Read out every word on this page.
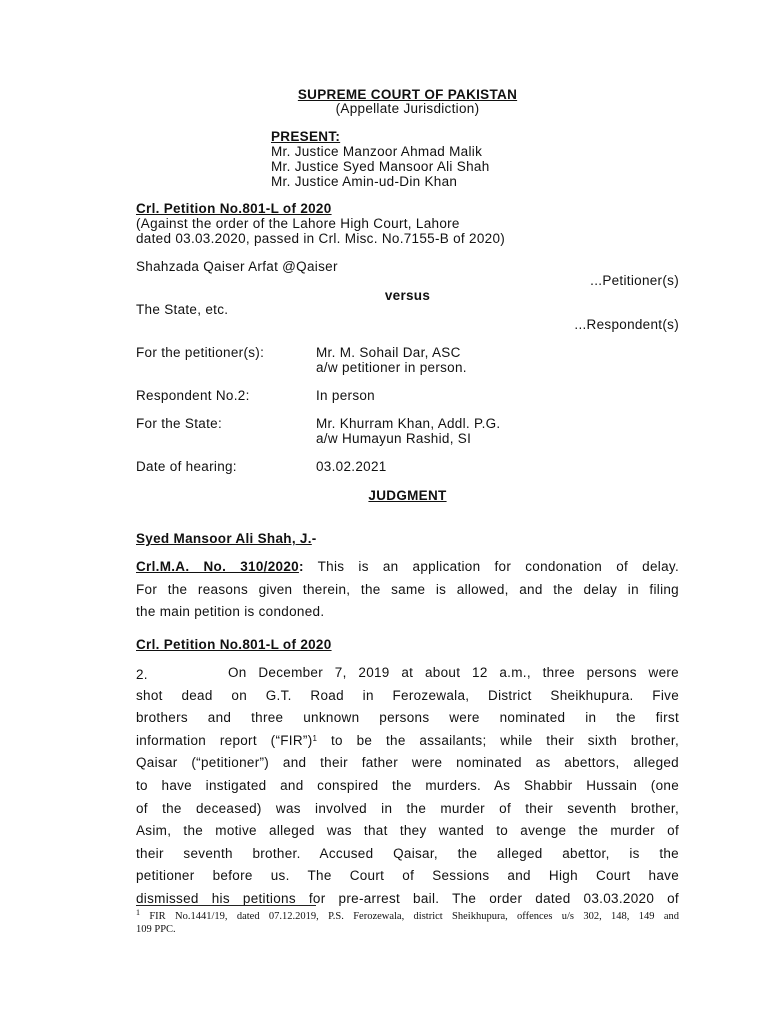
SUPREME COURT OF PAKISTAN
(Appellate Jurisdiction)
PRESENT:
Mr. Justice Manzoor Ahmad Malik
Mr. Justice Syed Mansoor Ali Shah
Mr. Justice Amin-ud-Din Khan
Crl. Petition No.801-L of 2020
(Against the order of the Lahore High Court, Lahore
dated 03.03.2020, passed in Crl. Misc. No.7155-B of 2020)
Shahzada Qaiser Arfat @Qaiser
...Petitioner(s)
versus
The State, etc.
...Respondent(s)
For the petitioner(s):	Mr. M. Sohail Dar, ASC
a/w petitioner in person.
Respondent No.2:	In person
For the State:	Mr. Khurram Khan, Addl. P.G.
a/w Humayun Rashid, SI
Date of hearing:	03.02.2021
JUDGMENT
Syed Mansoor Ali Shah, J.-
Crl.M.A. No. 310/2020: This is an application for condonation of delay.
For the reasons given therein, the same is allowed, and the delay in filing
the main petition is condoned.
Crl. Petition No.801-L of 2020
2.	On December 7, 2019 at about 12 a.m., three persons were
shot dead on G.T. Road in Ferozewala, District Sheikhupura. Five
brothers and three unknown persons were nominated in the first
information report (“FIR”)$^1$ to be the assailants; while their sixth brother,
Qaisar (“petitioner”) and their father were nominated as abettors, alleged
to have instigated and conspired the murders. As Shabbir Hussain (one
of the deceased) was involved in the murder of their seventh brother,
Asim, the motive alleged was that they wanted to avenge the murder of
their seventh brother. Accused Qaisar, the alleged abettor, is the
petitioner before us. The Court of Sessions and High Court have
dismissed his petitions for pre-arrest bail. The order dated 03.03.2020 of
$^1$ FIR No.1441/19, dated 07.12.2019, P.S. Ferozewala, district Sheikhupura, offences u/s 302, 148, 149 and
109 PPC.
